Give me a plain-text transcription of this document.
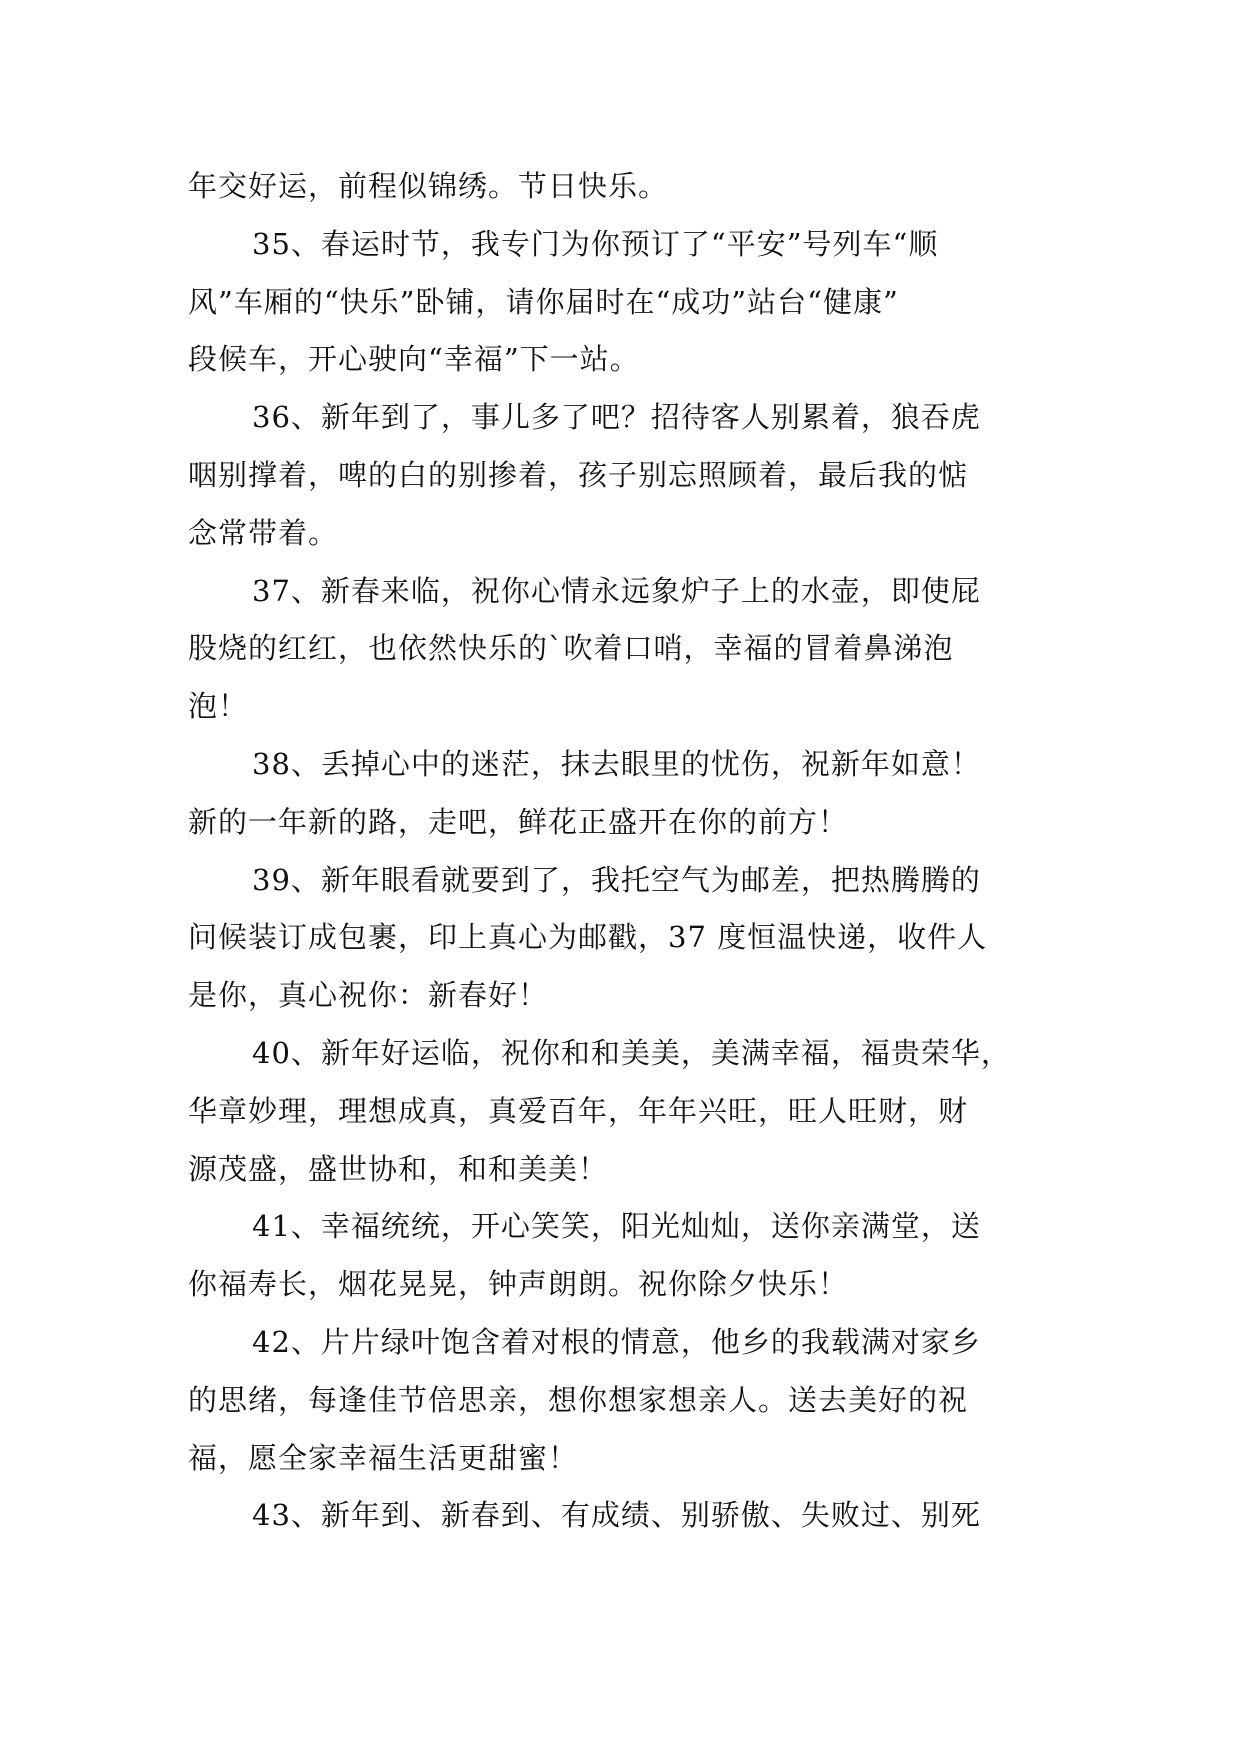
年交好运，前程似锦绣。节日快乐。
35、春运时节，我专门为你预订了“平安”号列车“顺
风”车厢的“快乐”卧铺，请你届时在“成功”站台“健康”
段候车，开心驶向“幸福”下一站。
36、新年到了，事儿多了吧？招待客人别累着，狼吞虎
咽别撑着，啤的白的别掺着，孩子别忘照顾着，最后我的惦
念常带着。
37、新春来临，祝你心情永远象炉子上的水壶，即使屁
股烧的红红，也依然快乐的`吹着口哨，幸福的冒着鼻涕泡
泡！
38、丢掉心中的迷茫，抹去眼里的忧伤，祝新年如意！
新的一年新的路，走吧，鲜花正盛开在你的前方！
39、新年眼看就要到了，我托空气为邮差，把热腾腾的
问候装订成包裹，印上真心为邮戳，37 度恒温快递，收件人
是你，真心祝你：新春好！
40、新年好运临，祝你和和美美，美满幸福，福贵荣华，
华章妙理，理想成真，真爱百年，年年兴旺，旺人旺财，财
源茂盛，盛世协和，和和美美！
41、幸福统统，开心笑笑，阳光灿灿，送你亲满堂，送
你福寿长，烟花晃晃，钟声朗朗。祝你除夕快乐！
42、片片绿叶饱含着对根的情意，他乡的我载满对家乡
的思绪，每逢佳节倍思亲，想你想家想亲人。送去美好的祝
福，愿全家幸福生活更甜蜜！
43、新年到、新春到、有成绩、别骄傲、失败过、别死
